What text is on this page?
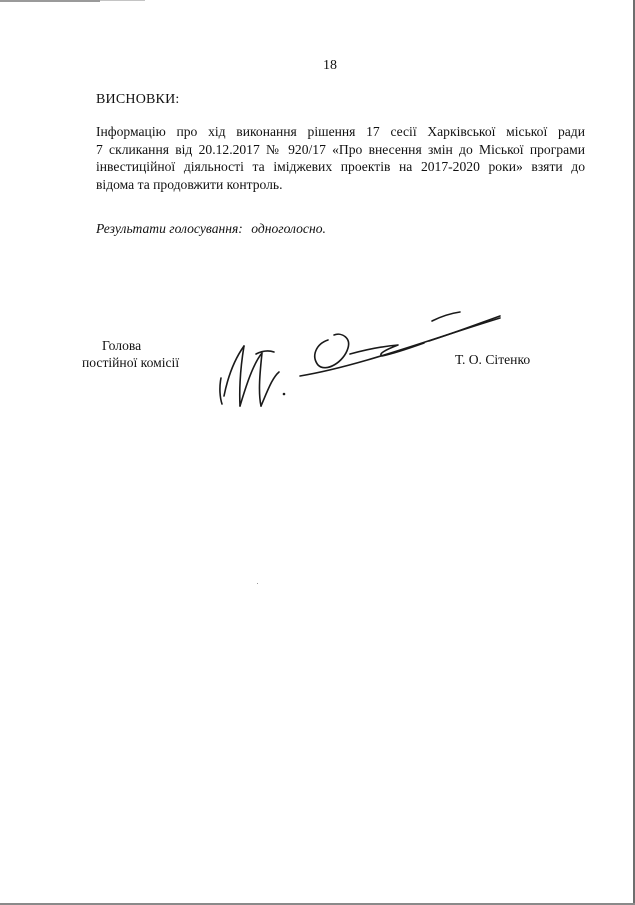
18
ВИСНОВКИ:
Інформацію про хід виконання рішення 17 сесії Харківської міської ради
7 скликання від 20.12.2017 № 920/17 «Про внесення змін до Міської програми
інвестиційної діяльності та іміджевих проектів на 2017-2020 роки» взяти до
відома та продовжити контроль.
Результати голосування: одноголосно.
Голова
постійної комісії	Т. О. Сітенко
